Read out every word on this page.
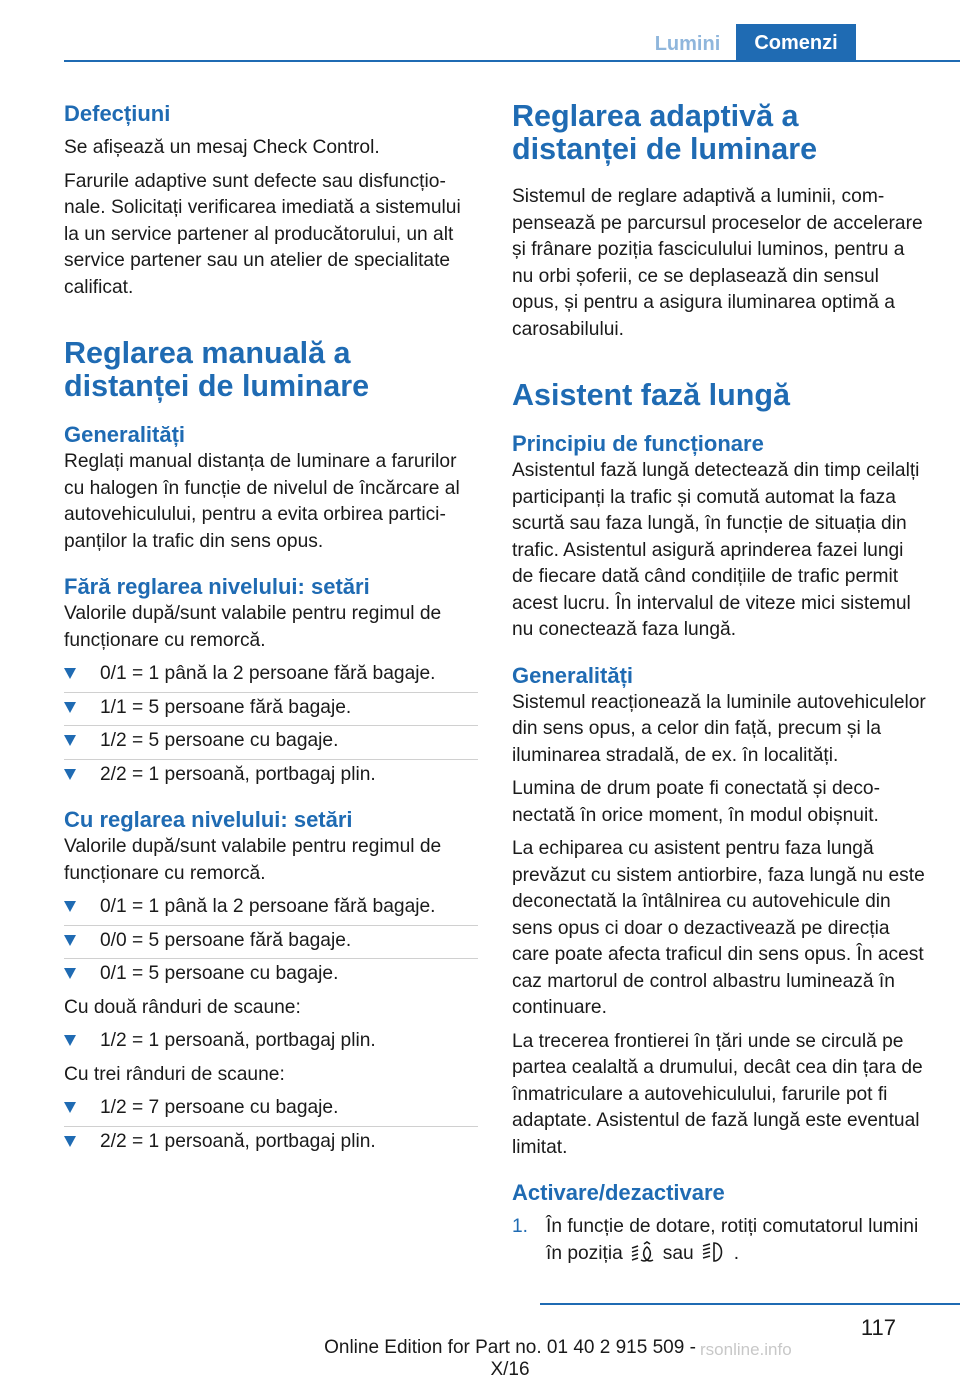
Lumini	Comenzi
Defecțiuni

Se afișează un mesaj Check Control.

Farurile adaptive sunt defecte sau disfuncționale. Solicitați verificarea imediată a sistemului la un service partener al producătorului, un alt service partener sau un atelier de specialitate calificat.

Reglarea manuală a distanței de luminare
Generalități

Reglați manual distanța de luminare a farurilor cu halogen în funcție de nivelul de încărcare al autovehiculului, pentru a evita orbirea participanților la trafic din sens opus.

Fără reglarea nivelului: setări

Valorile după/sunt valabile pentru regimul de funcționare cu remorcă.

0/1 = 1 până la 2 persoane fără bagaje.
1/1 = 5 persoane fără bagaje.
1/2 = 5 persoane cu bagaje.
2/2 = 1 persoană, portbagaj plin.
Cu reglarea nivelului: setări

Valorile după/sunt valabile pentru regimul de funcționare cu remorcă.

0/1 = 1 până la 2 persoane fără bagaje.
0/0 = 5 persoane fără bagaje.
0/1 = 5 persoane cu bagaje.

Cu două rânduri de scaune:

1/2 = 1 persoană, portbagaj plin.

Cu trei rânduri de scaune:

1/2 = 7 persoane cu bagaje.
2/2 = 1 persoană, portbagaj plin.
Reglarea adaptivă a distanței de luminare

Sistemul de reglare adaptivă a luminii, compensează pe parcursul proceselor de accelerare și frânare poziția fasciculului luminos, pentru a nu orbi șoferii, ce se deplasează din sensul opus, și pentru a asigura iluminarea optimă a carosabilului.

Asistent fază lungă
Principiu de funcționare

Asistentul fază lungă detectează din timp ceilalți participanți la trafic și comută automat la faza scurtă sau faza lungă, în funcție de situația din trafic. Asistentul asigură aprinderea fazei lungi de fiecare dată când condițiile de trafic permit acest lucru. În intervalul de viteze mici sistemul nu conectează faza lungă.

Generalități

Sistemul reacționează la luminile autovehiculelor din sens opus, a celor din față, precum și la iluminarea stradală, de ex. în localități.

Lumina de drum poate fi conectată și deconectată în orice moment, în modul obișnuit.

La echiparea cu asistent pentru faza lungă prevăzut cu sistem antiorbire, faza lungă nu este deconectată la întâlnirea cu autovehicule din sens opus ci doar o dezactivează pe direcția care poate afecta traficul din sens opus. În acest caz martorul de control albastru luminează în continuare.

La trecerea frontierei în țări unde se circulă pe partea cealaltă a drumului, decât cea din țara de înmatriculare a autovehiculului, farurile pot fi adaptate. Asistentul de fază lungă este eventual limitat.

Activare/dezactivare
1. În funcție de dotare, rotiți comutatorul lumini în poziția sau .
117
Online Edition for Part no. 01 40 2 915 509 - X/16
rsonline.info
